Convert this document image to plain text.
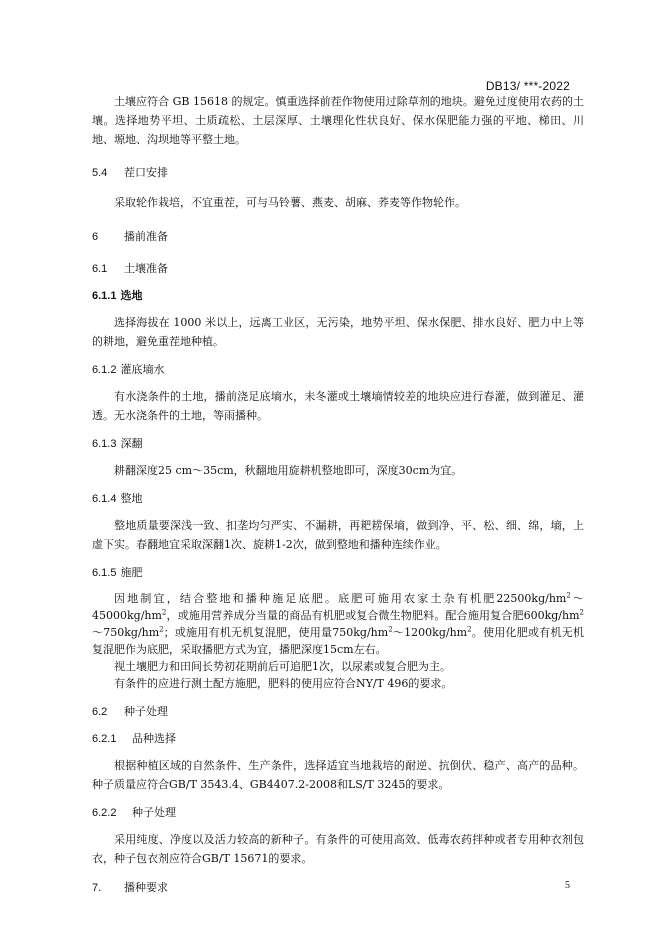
DB13/ ***-2022

土壤应符合 GB 15618 的规定。慎重选择前茬作物使用过除草剂的地块。避免过度使用农药的土壤。选择地势平坦、土质疏松、土层深厚、土壤理化性状良好、保水保肥能力强的平地、梯田、川地、塬地、沟坝地等平整土地。

5.4 茬口安排

采取轮作栽培，不宜重茬，可与马铃薯、燕麦、胡麻、荞麦等作物轮作。

6 播前准备

6.1 土壤准备

6.1.1 选地

选择海拔在 1000 米以上，远离工业区，无污染，地势平坦、保水保肥、排水良好、肥力中上等的耕地，避免重茬地种植。

6.1.2 灌底墒水

有水浇条件的土地，播前浇足底墒水，未冬灌或土壤墒情较差的地块应进行春灌，做到灌足、灌透。无水浇条件的土地，等雨播种。

6.1.3 深翻

耕翻深度25 cm～35cm，秋翻地用旋耕机整地即可，深度30cm为宜。

6.1.4 整地

整地质量要深浅一致、扣垄均匀严实、不漏耕，再耙耢保墒，做到净、平、松、细、绵，墒，上虚下实。春翻地宜采取深翻1次、旋耕1-2次，做到整地和播种连续作业。

6.1.5 施肥

因地制宜，结合整地和播种施足底肥。底肥可施用农家土杂有机肥$22500kg/hm^2\sim 45000kg/hm^2$，或施用营养成分当量的商品有机肥或复合微生物肥料。配合施用复合肥$600kg/hm^2\sim 750kg/hm^2$；或施用有机无机复混肥，使用量$750kg/hm^2\sim 1200kg/hm^2$。使用化肥或有机无机复混肥作为底肥，采取播肥方式为宜，播肥深度15cm左右。

视土壤肥力和田间长势初花期前后可追肥1次，以尿素或复合肥为主。

有条件的应进行测土配方施肥，肥料的使用应符合NY/T 496的要求。

6.2 种子处理

6.2.1 品种选择

根据种植区域的自然条件、生产条件，选择适宜当地栽培的耐逆、抗倒伏、稳产、高产的品种。种子质量应符合GB/T 3543.4、GB4407.2-2008和LS/T 3245的要求。

6.2.2 种子处理

采用纯度、净度以及活力较高的新种子。有条件的可使用高效、低毒农药拌种或者专用种衣剂包衣，种子包衣剂应符合GB/T 15671的要求。

7. 播种要求	5
